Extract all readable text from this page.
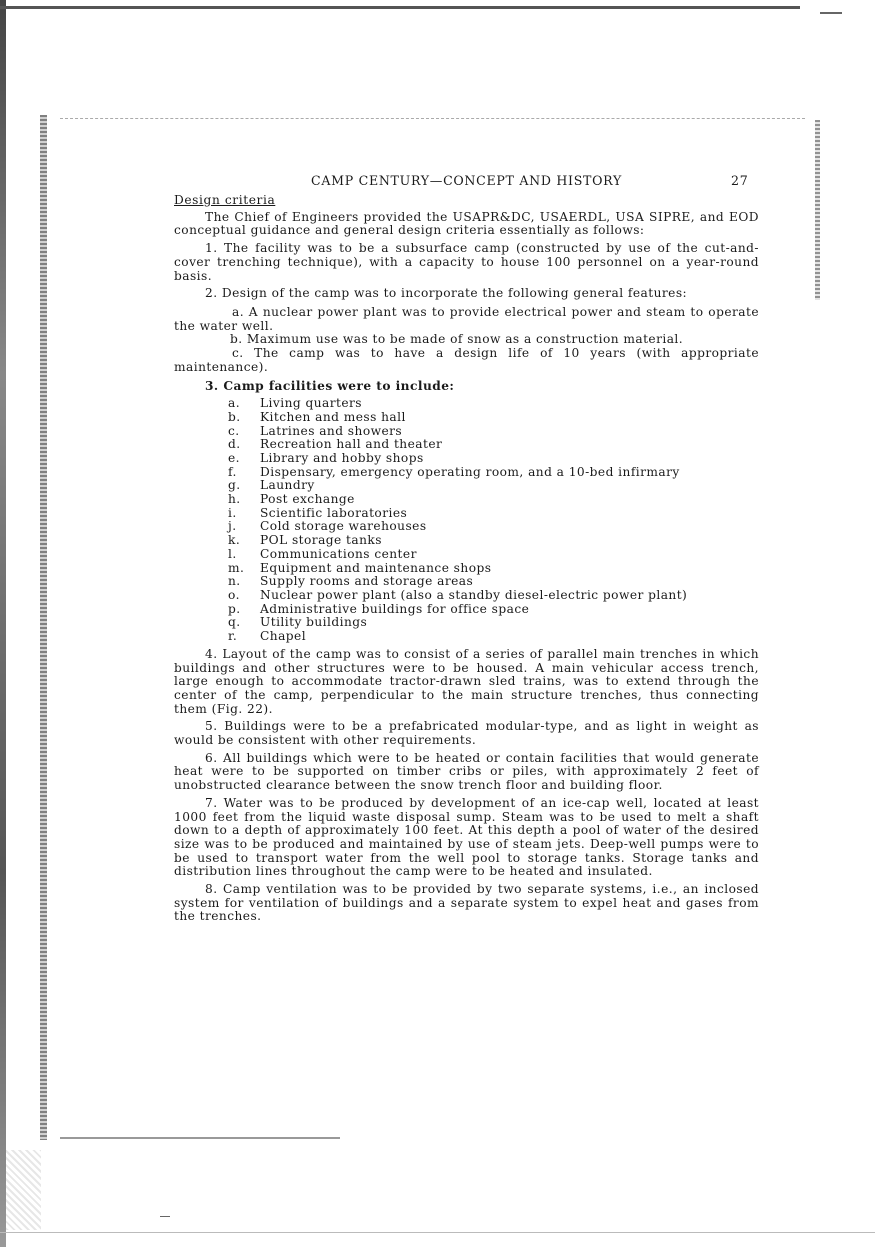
CAMP CENTURY—CONCEPT AND HISTORY	27
Design criteria

The Chief of Engineers provided the USAPR&DC, USAERDL, USA SIPRE, and EOD conceptual guidance and general design criteria essentially as follows:

1. The facility was to be a subsurface camp (constructed by use of the cut-and-cover trenching technique), with a capacity to house 100 personnel on a year-round basis.

2. Design of the camp was to incorporate the following general features:

a. A nuclear power plant was to provide electrical power and steam to operate the water well.

b. Maximum use was to be made of snow as a construction material.

c. The camp was to have a design life of 10 years (with appropriate maintenance).

3. Camp facilities were to include:
a.	Living quarters
b.	Kitchen and mess hall
c.	Latrines and showers
d.	Recreation hall and theater
e.	Library and hobby shops
f.	Dispensary, emergency operating room, and a 10-bed infirmary
g.	Laundry
h.	Post exchange
i.	Scientific laboratories
j.	Cold storage warehouses
k.	POL storage tanks
l.	Communications center
m.	Equipment and maintenance shops
n.	Supply rooms and storage areas
o.	Nuclear power plant (also a standby diesel-electric power plant)
p.	Administrative buildings for office space
q.	Utility buildings
r.	Chapel

4. Layout of the camp was to consist of a series of parallel main trenches in which buildings and other structures were to be housed. A main vehicular access trench, large enough to accommodate tractor-drawn sled trains, was to extend through the center of the camp, perpendicular to the main structure trenches, thus connecting them (Fig. 22).

5. Buildings were to be a prefabricated modular-type, and as light in weight as would be consistent with other requirements.

6. All buildings which were to be heated or contain facilities that would generate heat were to be supported on timber cribs or piles, with approximately 2 feet of unobstructed clearance between the snow trench floor and building floor.

7. Water was to be produced by development of an ice-cap well, located at least 1000 feet from the liquid waste disposal sump. Steam was to be used to melt a shaft down to a depth of approximately 100 feet. At this depth a pool of water of the desired size was to be produced and maintained by use of steam jets. Deep-well pumps were to be used to transport water from the well pool to storage tanks. Storage tanks and distribution lines throughout the camp were to be heated and insulated.

8. Camp ventilation was to be provided by two separate systems, i.e., an inclosed system for ventilation of buildings and a separate system to expel heat and gases from the trenches.
